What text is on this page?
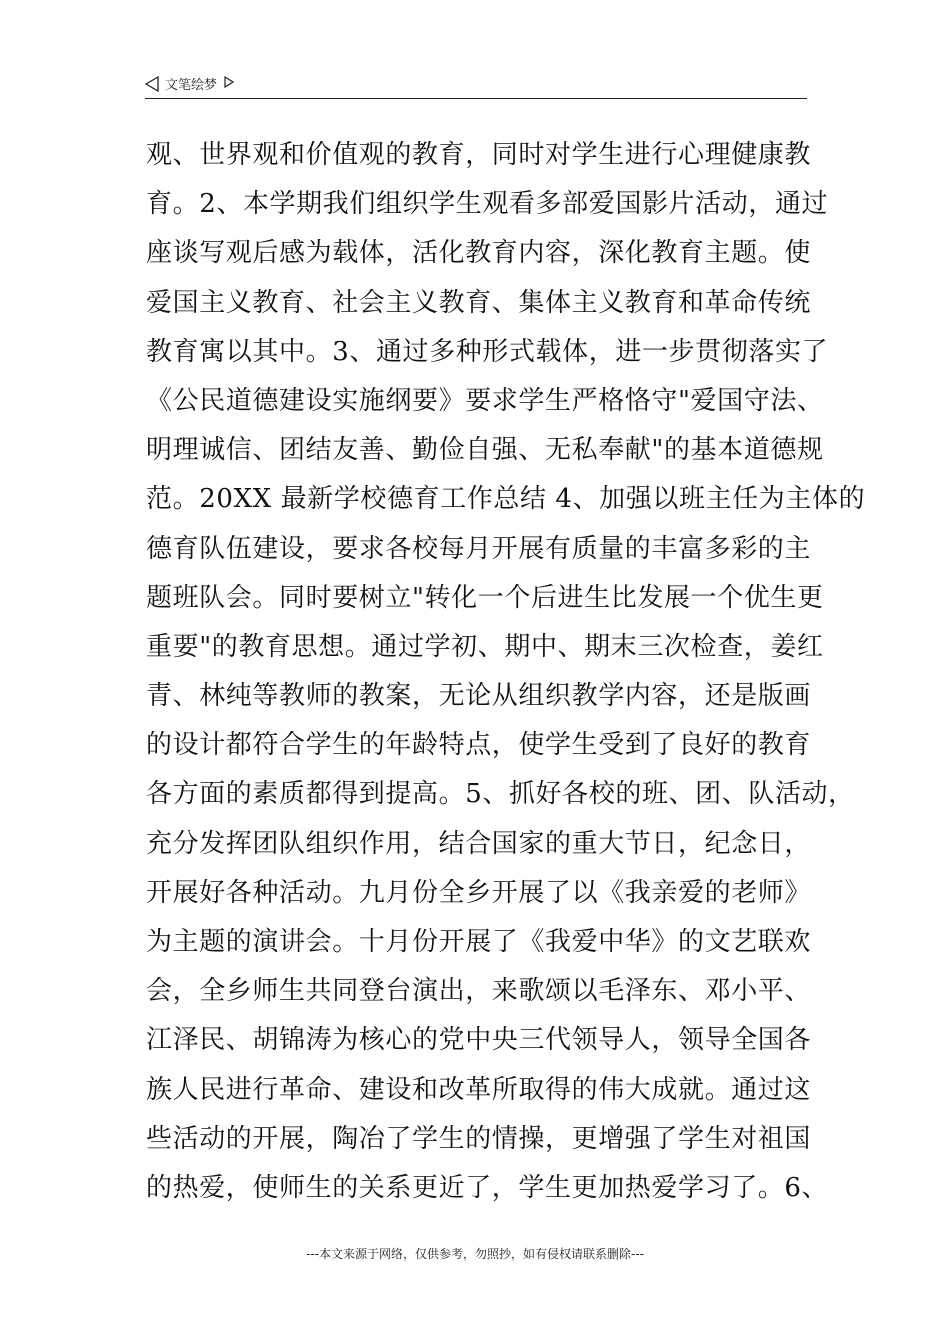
文笔绘梦
观、世界观和价值观的教育，同时对学生进行心理健康教
育。2、本学期我们组织学生观看多部爱国影片活动，通过
座谈写观后感为载体，活化教育内容，深化教育主题。使
爱国主义教育、社会主义教育、集体主义教育和革命传统
教育寓以其中。3、通过多种形式载体，进一步贯彻落实了
《公民道德建设实施纲要》要求学生严格恪守"爱国守法、
明理诚信、团结友善、勤俭自强、无私奉献"的基本道德规
范。20XX 最新学校德育工作总结 4、加强以班主任为主体的
德育队伍建设，要求各校每月开展有质量的丰富多彩的主
题班队会。同时要树立"转化一个后进生比发展一个优生更
重要"的教育思想。通过学初、期中、期末三次检查，姜红
青、林纯等教师的教案，无论从组织教学内容，还是版画
的设计都符合学生的年龄特点，使学生受到了良好的教育
各方面的素质都得到提高。5、抓好各校的班、团、队活动，
充分发挥团队组织作用，结合国家的重大节日，纪念日，
开展好各种活动。九月份全乡开展了以《我亲爱的老师》
为主题的演讲会。十月份开展了《我爱中华》的文艺联欢
会，全乡师生共同登台演出，来歌颂以毛泽东、邓小平、
江泽民、胡锦涛为核心的党中央三代领导人，领导全国各
族人民进行革命、建设和改革所取得的伟大成就。通过这
些活动的开展，陶冶了学生的情操，更增强了学生对祖国
的热爱，使师生的关系更近了，学生更加热爱学习了。6、
---本文来源于网络，仅供参考，勿照抄，如有侵权请联系删除---
